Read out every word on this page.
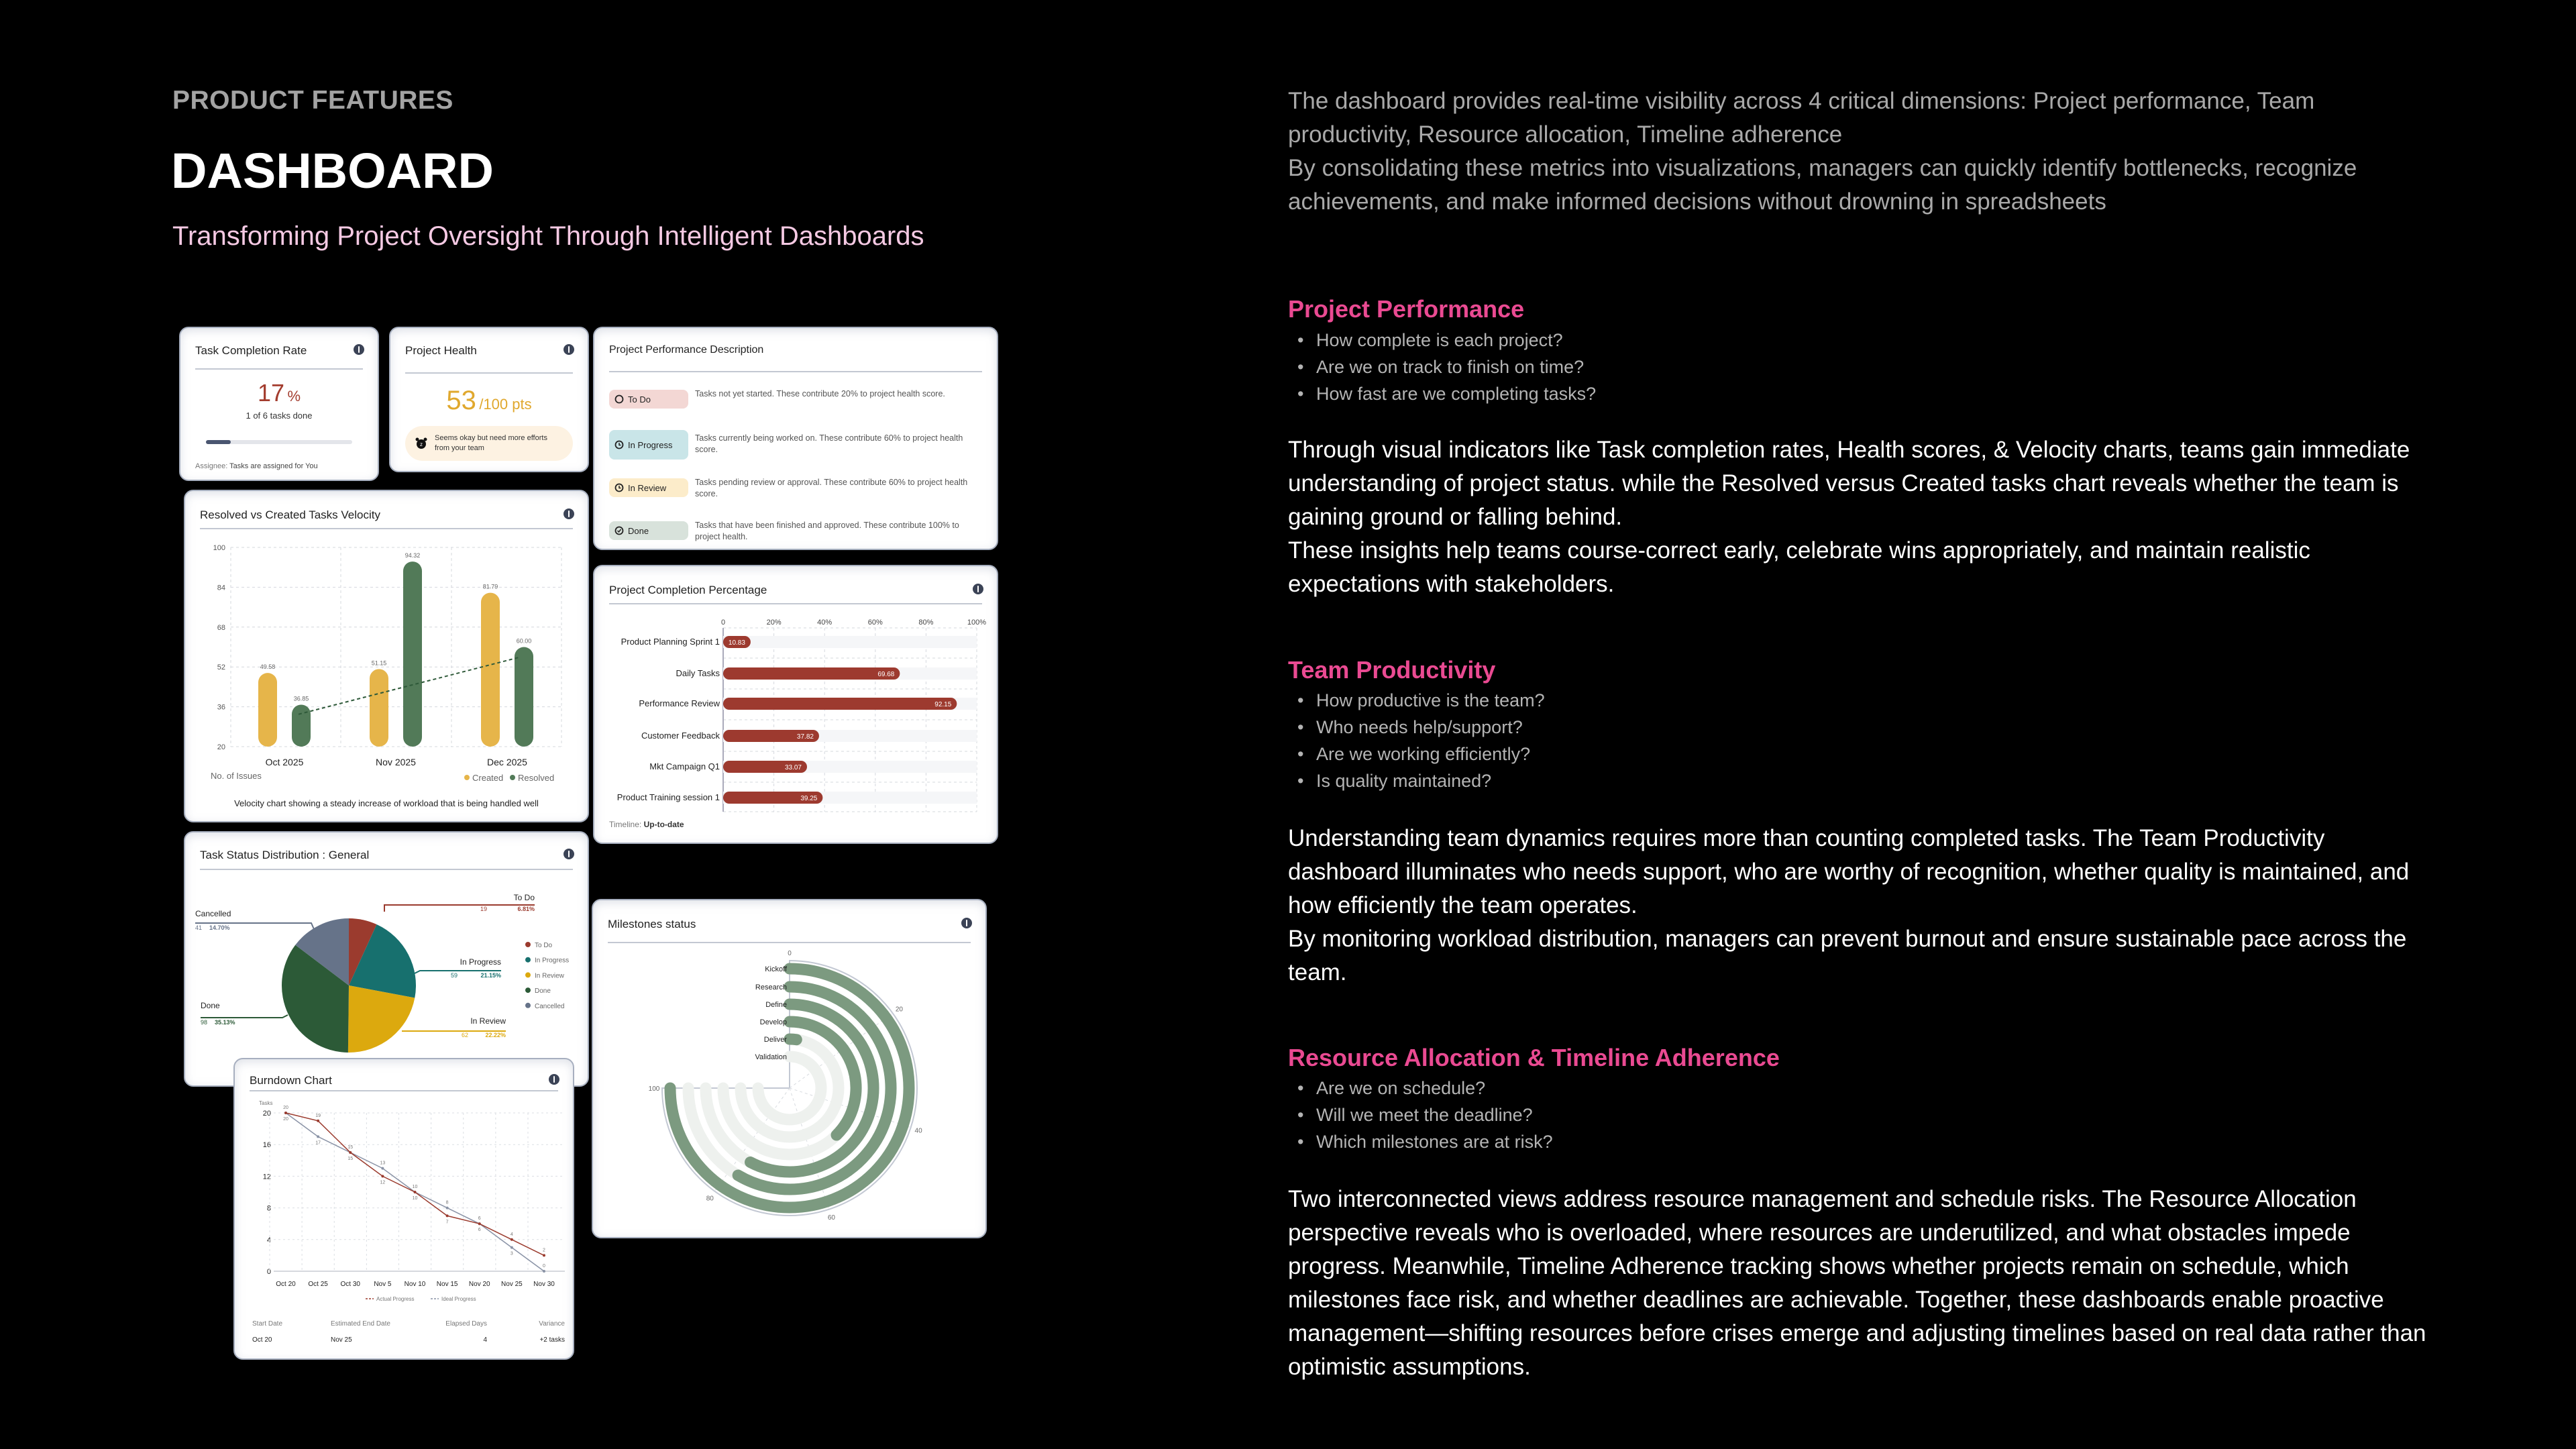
PRODUCT FEATURES
DASHBOARD
Transforming Project Oversight Through Intelligent Dashboards
The dashboard provides real-time visibility across 4 critical dimensions: Project performance, Team productivity, Resource allocation, Timeline adherence
By consolidating these metrics into visualizations, managers can quickly identify bottlenecks, recognize achievements, and make informed decisions without drowning in spreadsheets
Project Performance
• How complete is each project?
• Are we on track to finish on time?
• How fast are we completing tasks?
Through visual indicators like Task completion rates, Health scores, & Velocity charts, teams gain immediate understanding of project status. while the Resolved versus Created tasks chart reveals whether the team is gaining ground or falling behind.
These insights help teams course-correct early, celebrate wins appropriately, and maintain realistic expectations with stakeholders.
Team Productivity
• How productive is the team?
• Who needs help/support?
• Are we working efficiently?
• Is quality maintained?
Understanding team dynamics requires more than counting completed tasks. The Team Productivity dashboard illuminates who needs support, who are worthy of recognition, whether quality is maintained, and how efficiently the team operates.
By monitoring workload distribution, managers can prevent burnout and ensure sustainable pace across the team.
Resource Allocation & Timeline Adherence
• Are we on schedule?
• Will we meet the deadline?
• Which milestones are at risk?
Two interconnected views address resource management and schedule risks. The Resource Allocation perspective reveals who is overloaded, where resources are underutilized, and what obstacles impede progress. Meanwhile, Timeline Adherence tracking shows whether projects remain on schedule, which milestones face risk, and whether deadlines are achievable. Together, these dashboards enable proactive management—shifting resources before crises emerge and adjusting timelines based on real data rather than optimistic assumptions.
Task Completion Rate
17 %
1 of 6 tasks done
Assignee: Tasks are assigned for You
Project Health
53 /100 pts
z
Seems okay but need more efforts from your team
Project Performance Description
To Do
Tasks not yet started. These contribute 20% to project health score.
In Progress
Tasks currently being worked on. These contribute 60% to project health score.
In Review
Tasks pending review or approval. These contribute 60% to project health score.
Done
Tasks that have been finished and approved. These contribute 100% to project health.
Resolved vs Created Tasks Velocity
20
36
52
68
84
100
49.58
36.85
Oct 2025
51.15
94.32
Nov 2025
81.79
60.00
Dec 2025
Created Resolved
No. of Issues
Velocity chart showing a steady increase of workload that is being handled well
Project Completion Percentage
0	20%	40%	60%	80%	100%
10.83
Product Planning Sprint 1
69.68
Daily Tasks
92.15
Performance Review
37.82
Customer Feedback
33.07
Mkt Campaign Q1
39.25
Product Training session 1
Timeline: Up-to-date
Task Status Distribution : General
To Do
19	6.81%
To Do
In Progress
59	21.15%
In Progress
In Review
62	22.22%
In Review
Done
98 35.13%
Done
Cancelled
41 14.70%
Cancelled
Milestones status
0
20
40
60
80
100
Kickoff
Research
Define
Develop
Deliver
Validation
Burndown Chart
0
4
8
12
16
20
Oct 20 Oct 25 Oct 30 Nov 5 Nov 10 Nov 15 Nov 20 Nov 25 Nov 30
Tasks
20
19
15
12
10
7
6
4
2
20
17
15
13
10
8
6
3
0
Actual Progress	Ideal Progress
Start Date
Oct 20
Estimated End Date
Nov 25
Elapsed Days
4
Variance
+2 tasks
